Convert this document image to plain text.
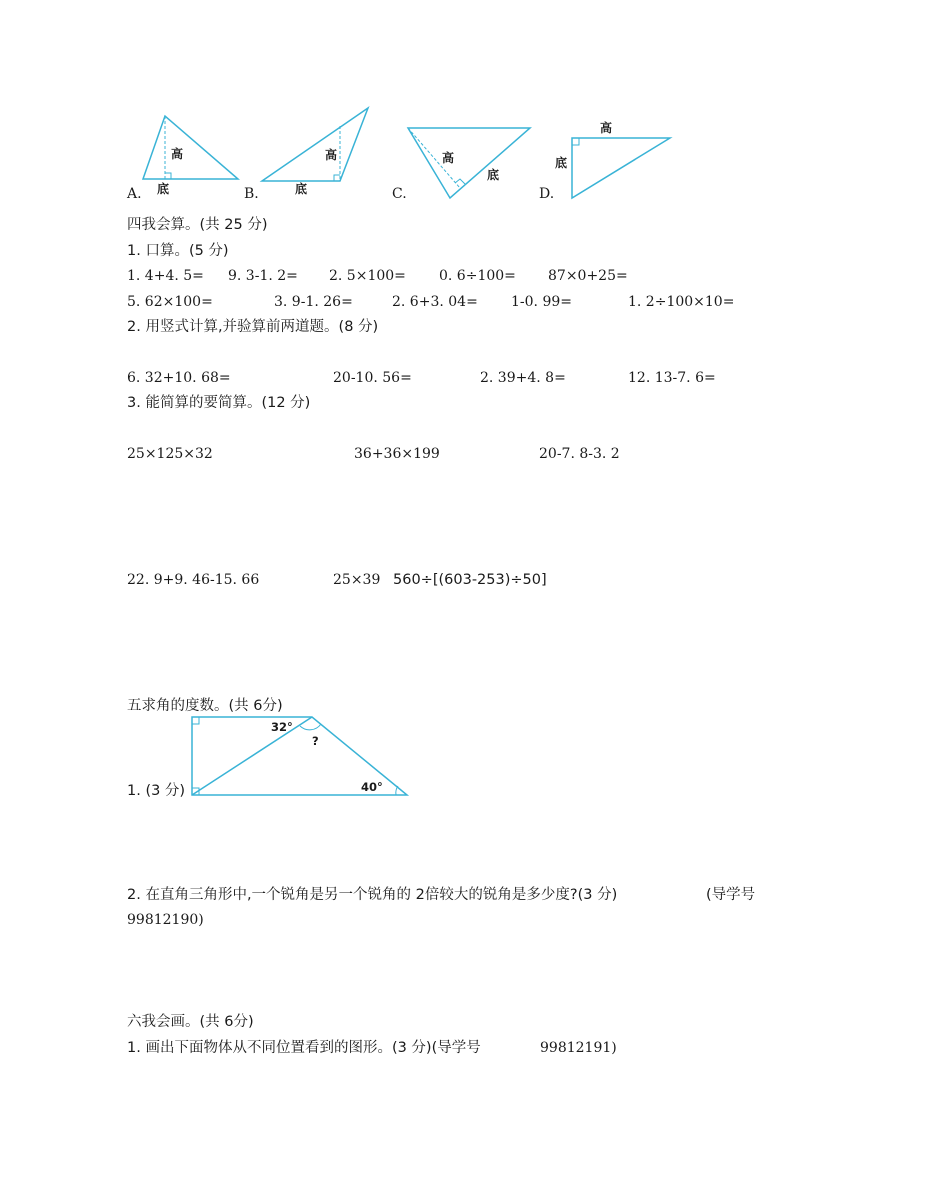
高
底
高
底
高
底
高
底
A.	B.	C.	D.
四我会算。(共 25 分)
1. 口算。(5 分)
1. 4+4. 5= 9. 3-1. 2= 2. 5×100= 0. 6÷100= 87×0+25=
5. 62×100=	3. 9-1. 26=	2. 6+3. 04= 1-0. 99=	1. 2÷100×10=
2. 用竖式计算,并验算前两道题。(8 分)
6. 32+10. 68=	20-10. 56=	2. 39+4. 8=	12. 13-7. 6=
3. 能简算的要简算。(12 分)
25×125×32	36+36×199	20-7. 8-3. 2
22. 9+9. 46-15. 66	25×39 560÷[(603-253)÷50]
五求角的度数。(共 6分)
32°
?
40°
1. (3 分)
2. 在直角三角形中,一个锐角是另一个锐角的 2倍较大的锐角是多少度?(3 分)	(导学号
99812190)
六我会画。(共 6分)
1. 画出下面物体从不同位置看到的图形。(3 分)(导学号	99812191)
